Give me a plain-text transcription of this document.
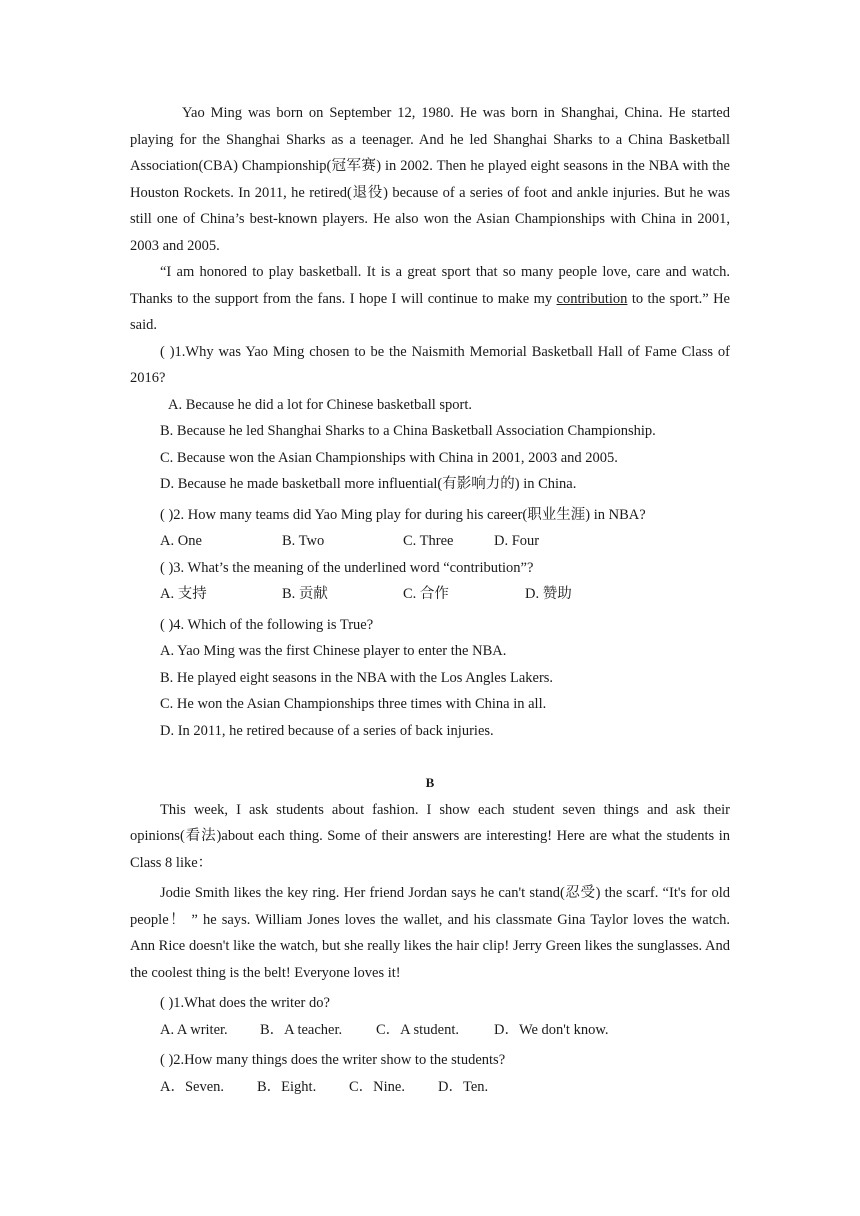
Yao Ming was born on September 12, 1980. He was born in Shanghai, China. He started playing for the Shanghai Sharks as a teenager. And he led Shanghai Sharks to a China Basketball Association(CBA) Championship(冠军赛) in 2002. Then he played eight seasons in the NBA with the Houston Rockets. In 2011, he retired(退役) because of a series of foot and ankle injuries. But he was still one of China’s best-known players. He also won the Asian Championships with China in 2001, 2003 and 2005.

“I am honored to play basketball. It is a great sport that so many people love, care and watch. Thanks to the support from the fans. I hope I will continue to make my contribution to the sport.” He said.

( )1.Why was Yao Ming chosen to be the Naismith Memorial Basketball Hall of Fame Class of 2016?

A. Because he did a lot for Chinese basketball sport.

B. Because he led Shanghai Sharks to a China Basketball Association Championship.

C. Because won the Asian Championships with China in 2001, 2003 and 2005.

D. Because he made basketball more influential(有影响力的) in China.

( )2. How many teams did Yao Ming play for during his career(职业生涯) in NBA?

A. One	B. Two	C. Three	D. Four

( )3. What’s the meaning of the underlined word “contribution”?

A. 支持	B. 贡献	C. 合作	D. 赞助

( )4. Which of the following is True?

A. Yao Ming was the first Chinese player to enter the NBA.

B. He played eight seasons in the NBA with the Los Angles Lakers.

C. He won the Asian Championships three times with China in all.

D. In 2011, he retired because of a series of back injuries.

B

This week, I ask students about fashion. I show each student seven things and ask their opinions(看法)about each thing. Some of their answers are interesting! Here are what the students in Class 8 like：

Jodie Smith likes the key ring. Her friend Jordan says he can't stand(忍受) the scarf. “It's for old people！ ” he says. William Jones loves the wallet, and his classmate Gina Taylor loves the watch. Ann Rice doesn't like the watch, but she really likes the hair clip! Jerry Green likes the sunglasses. And the coolest thing is the belt! Everyone loves it!

( )1.What does the writer do?

A. A writer.	B．A teacher.	C．A student.	D．We don't know.

( )2.How many things does the writer show to the students?

A．Seven.	B．Eight.	C．Nine.	D．Ten.
